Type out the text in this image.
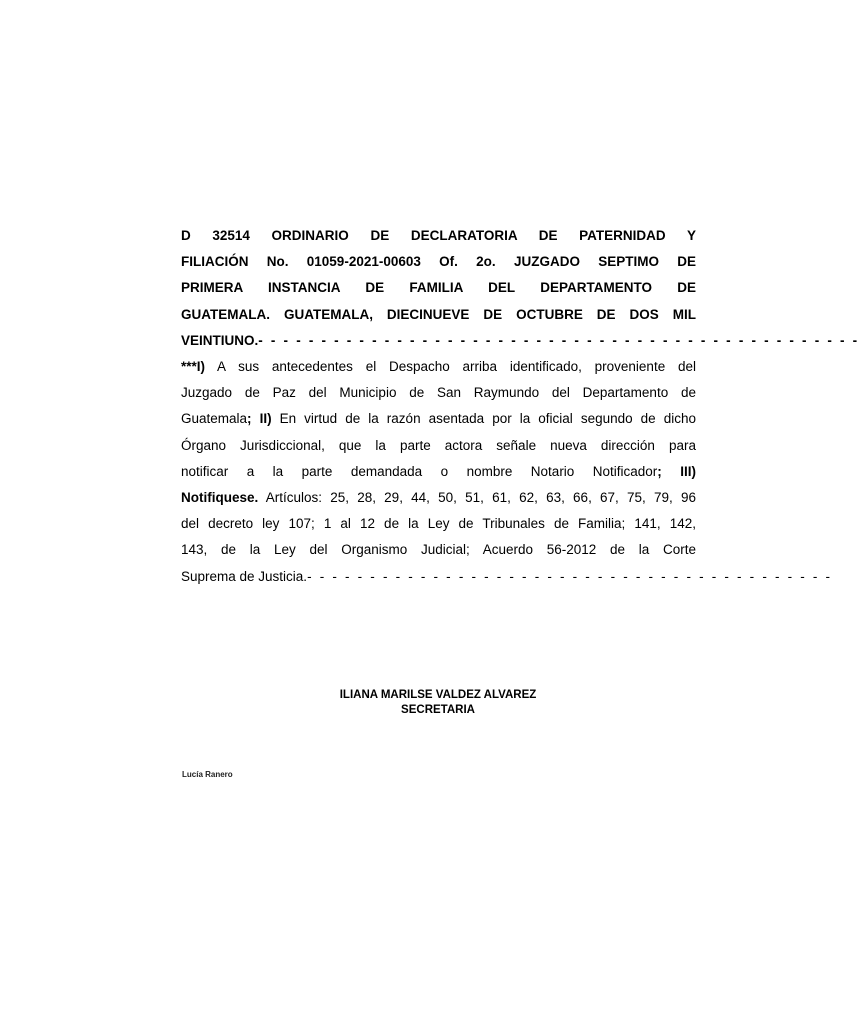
D 32514 ORDINARIO DE DECLARATORIA DE PATERNIDAD Y
FILIACIÓN No. 01059-2021-00603 Of. 2o. JUZGADO SEPTIMO DE
PRIMERA INSTANCIA DE FAMILIA DEL DEPARTAMENTO DE
GUATEMALA. GUATEMALA, DIECINUEVE DE OCTUBRE DE DOS MIL
VEINTIUNO.- - - - - - - - - - - - - - - - - - - - - - - - - - - - - - - - - - - - - - - - - - - - - - - -
***I) A sus antecedentes el Despacho arriba identificado, proveniente del
Juzgado de Paz del Municipio de San Raymundo del Departamento de
Guatemala; II) En virtud de la razón asentada por la oficial segundo de dicho
Órgano Jurisdiccional, que la parte actora señale nueva dirección para
notificar a la parte demandada o nombre Notario Notificador; III)
Notifiquese. Artículos: 25, 28, 29, 44, 50, 51, 61, 62, 63, 66, 67, 75, 79, 96
del decreto ley 107; 1 al 12 de la Ley de Tribunales de Familia; 141, 142,
143, de la Ley del Organismo Judicial; Acuerdo 56-2012 de la Corte
Suprema de Justicia.- - - - - - - - - - - - - - - - - - - - - - - - - - - - - - - - - - - - - - - - - -
ILIANA MARILSE VALDEZ ALVAREZ
SECRETARIA
Lucía Ranero
